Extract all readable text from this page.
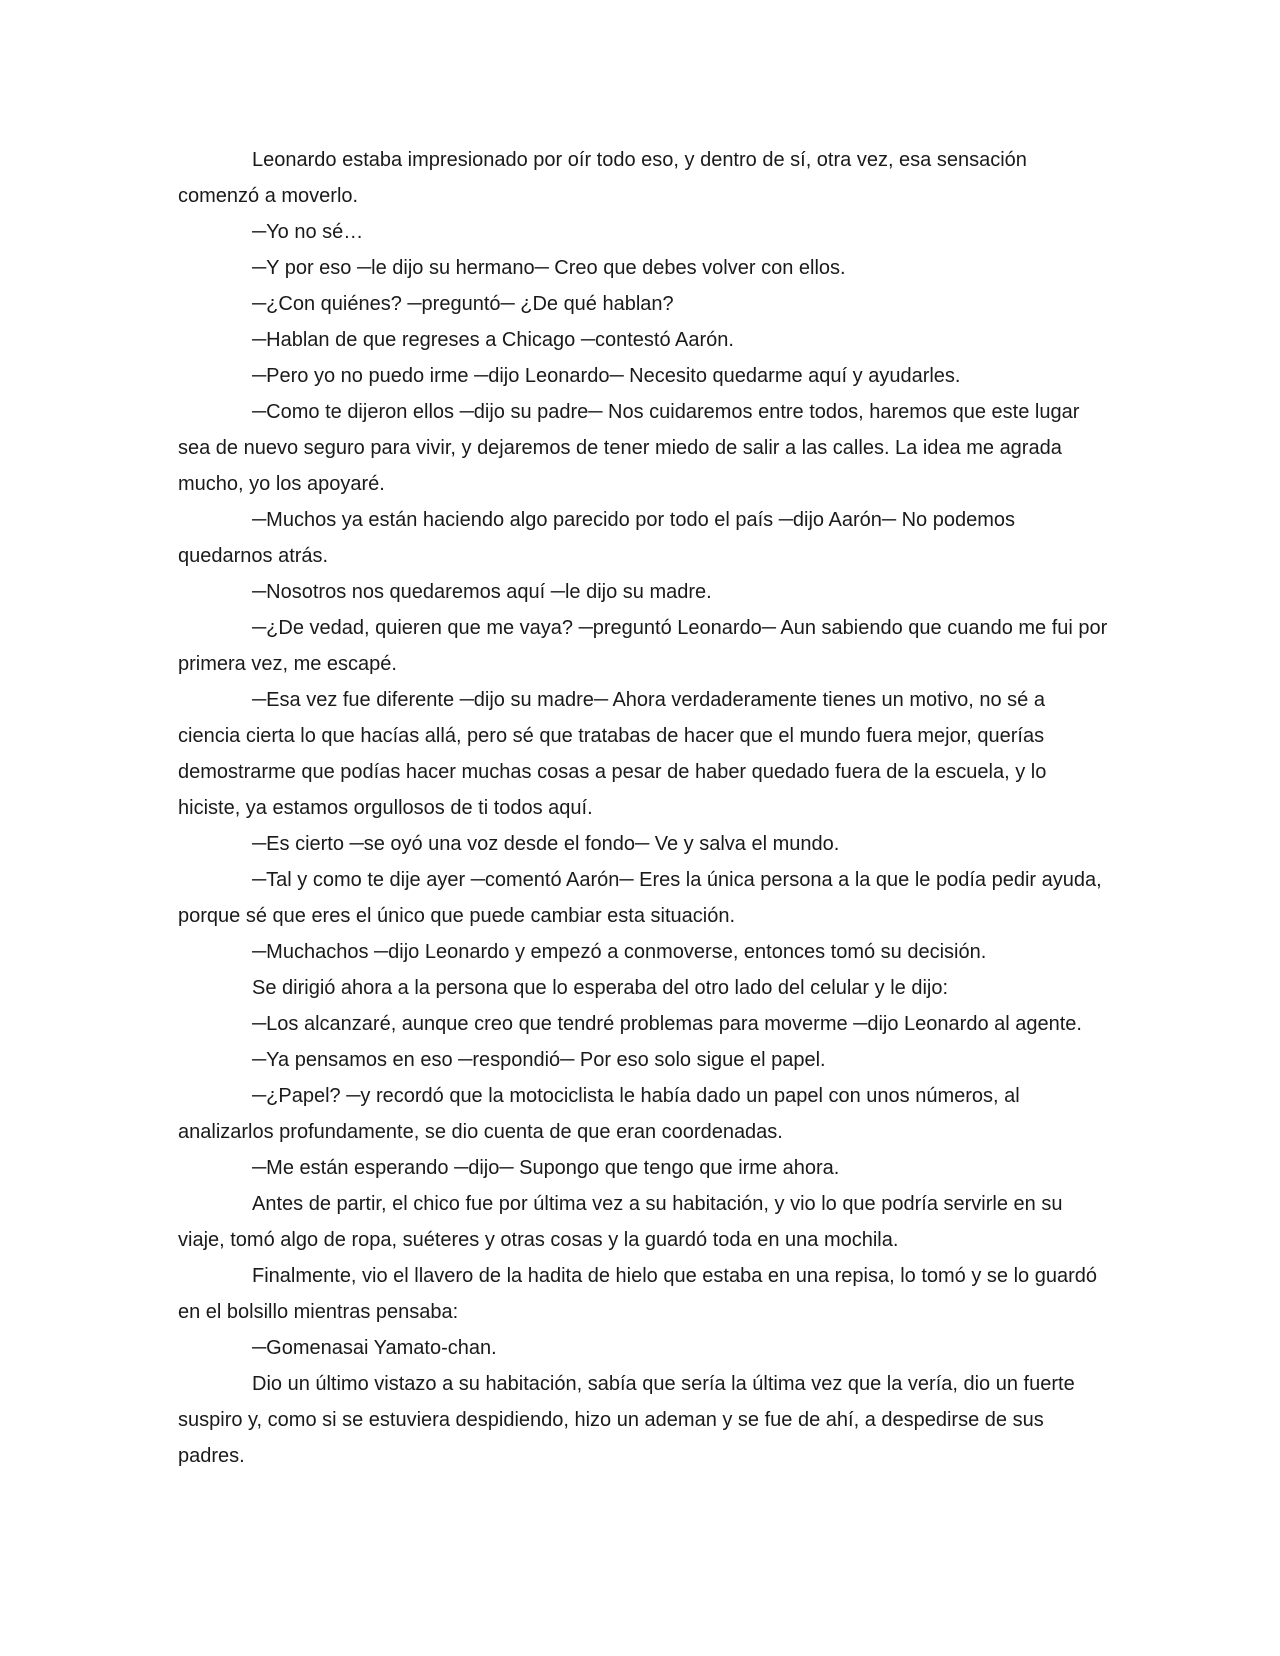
Leonardo estaba impresionado por oír todo eso, y dentro de sí, otra vez, esa sensación comenzó a moverlo.

─Yo no sé…

─Y por eso ─le dijo su hermano─ Creo que debes volver con ellos.

─¿Con quiénes? ─preguntó─ ¿De qué hablan?

─Hablan de que regreses a Chicago ─contestó Aarón.

─Pero yo no puedo irme ─dijo Leonardo─ Necesito quedarme aquí y ayudarles.

─Como te dijeron ellos ─dijo su padre─ Nos cuidaremos entre todos, haremos que este lugar sea de nuevo seguro para vivir, y dejaremos de tener miedo de salir a las calles. La idea me agrada mucho, yo los apoyaré.

─Muchos ya están haciendo algo parecido por todo el país ─dijo Aarón─ No podemos quedarnos atrás.

─Nosotros nos quedaremos aquí ─le dijo su madre.

─¿De vedad, quieren que me vaya? ─preguntó Leonardo─ Aun sabiendo que cuando me fui por primera vez, me escapé.

─Esa vez fue diferente ─dijo su madre─ Ahora verdaderamente tienes un motivo, no sé a ciencia cierta lo que hacías allá, pero sé que tratabas de hacer que el mundo fuera mejor, querías demostrarme que podías hacer muchas cosas a pesar de haber quedado fuera de la escuela, y lo hiciste, ya estamos orgullosos de ti todos aquí.

─Es cierto ─se oyó una voz desde el fondo─ Ve y salva el mundo.

─Tal y como te dije ayer ─comentó Aarón─ Eres la única persona a la que le podía pedir ayuda, porque sé que eres el único que puede cambiar esta situación.

─Muchachos ─dijo Leonardo y empezó a conmoverse, entonces tomó su decisión.

Se dirigió ahora a la persona que lo esperaba del otro lado del celular y le dijo:

─Los alcanzaré, aunque creo que tendré problemas para moverme ─dijo Leonardo al agente.

─Ya pensamos en eso ─respondió─ Por eso solo sigue el papel.

─¿Papel? ─y recordó que la motociclista le había dado un papel con unos números, al analizarlos profundamente, se dio cuenta de que eran coordenadas.

─Me están esperando ─dijo─ Supongo que tengo que irme ahora.

Antes de partir, el chico fue por última vez a su habitación, y vio lo que podría servirle en su viaje, tomó algo de ropa, suéteres y otras cosas y la guardó toda en una mochila.

Finalmente, vio el llavero de la hadita de hielo que estaba en una repisa, lo tomó y se lo guardó en el bolsillo mientras pensaba:

─Gomenasai Yamato-chan.

Dio un último vistazo a su habitación, sabía que sería la última vez que la vería, dio un fuerte suspiro y, como si se estuviera despidiendo, hizo un ademan y se fue de ahí, a despedirse de sus padres.
